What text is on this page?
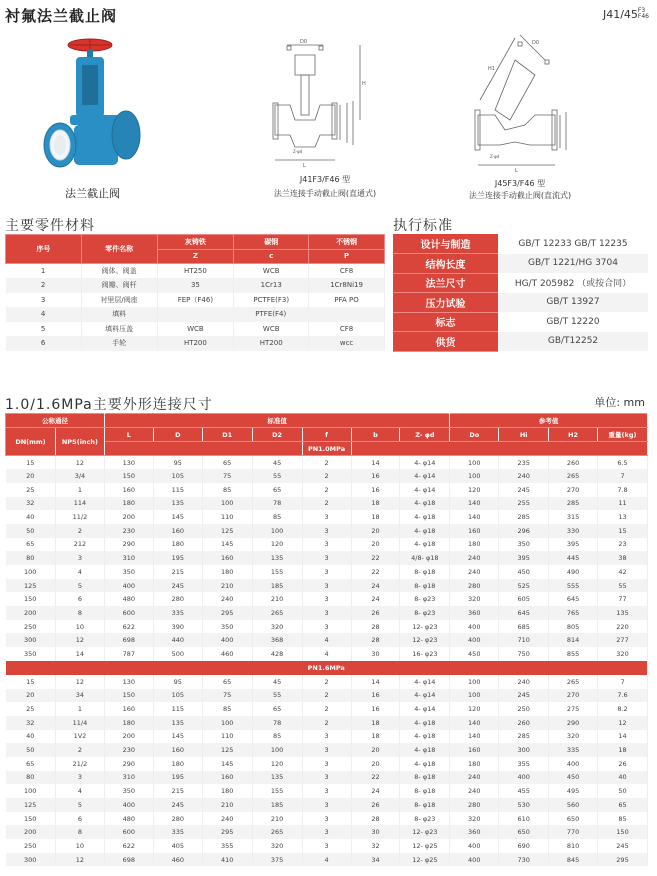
衬氟法兰截止阀	$J41/45^{F3 F46}$
法兰截止阀
D0
L
H
Z-φd
J41F3/F46 型
法兰连接手动截止阀(直通式)
D0
L
H1
Z-φd
J45F3/F46 型
法兰连接手动截止阀(直流式)
主要零件材料
序号	零件名称	灰铸铁	碳钢	不锈钢
		Z	c	P
1	阀体、阀盖	HT250	WCB	CF8
2	阀瓣、阀杆	35	1Cr13	1Cr8Ni19
3	衬里层/阀座	FEP（F46)	PCTFE(F3)	PFA PO
4	填料	PTFE(F4)		
5	填料压盖	WCB	WCB	CF8
6	手轮	HT200	HT200	wcc
执行标准
设计与制造	GB/T 12233 GB/T 12235
结构长度	GB/T 1221/HG 3704
法兰尺寸	HG/T 205982 （或按合同）
压力试验	GB/T 13927
标志	GB/T 12220
供货	GB/T12252
1.0/1.6MPa主要外形连接尺寸	单位: mm
公称通径		标准值							参考值			
DN(mm)	NPS(inch)	L	D	D1	D2	f	b	Z- φd	Do	Hi	H2	重量(kg)
						PN1.0MPa						
15	12	130	95	65	45	2	14	4- φ14	100	235	260	6.5
20	3/4	150	105	75	55	2	16	4- φ14	100	240	265	7
25	1	160	115	85	65	2	16	4- φ14	120	245	270	7.8
32	114	180	135	100	78	2	18	4- φ18	140	255	285	11
40	11/2	200	145	110	85	3	18	4- φ18	140	285	315	13
50	2	230	160	125	100	3	20	4- φ18	160	296	330	15
65	212	290	180	145	120	3	20	4- φ18	180	350	395	23
80	3	310	195	160	135	3	22	4/8- φ18	240	395	445	38
100	4	350	215	180	155	3	22	8- φ18	240	450	490	42
125	5	400	245	210	185	3	24	8- φ18	280	525	555	55
150	6	480	280	240	210	3	24	8- φ23	320	605	645	77
200	8	600	335	295	265	3	26	8- φ23	360	645	765	135
250	10	622	390	350	320	3	28	12- φ23	400	685	805	220
300	12	698	440	400	368	4	28	12- φ23	400	710	814	277
350	14	787	500	460	428	4	30	16- φ23	450	750	855	320
PN1.6MPa												
15	12	130	95	65	45	2	14	4- φ14	100	240	265	7
20	34	150	105	75	55	2	16	4- φ14	100	245	270	7.6
25	1	160	115	85	65	2	16	4- φ14	120	250	275	8.2
32	11/4	180	135	100	78	2	18	4- φ18	140	260	290	12
40	1V2	200	145	110	85	3	18	4- φ18	140	285	320	14
50	2	230	160	125	100	3	20	4- φ18	160	300	335	18
65	21/2	290	180	145	120	3	20	4- φ18	180	355	400	26
80	3	310	195	160	135	3	22	8- φ18	240	400	450	40
100	4	350	215	180	155	3	24	8- φ18	240	455	495	50
125	5	400	245	210	185	3	26	8- φ18	280	530	560	65
150	6	480	280	240	210	3	28	8- φ23	320	610	650	85
200	8	600	335	295	265	3	30	12- φ23	360	650	770	150
250	10	622	405	355	320	3	32	12- φ25	400	690	810	245
300	12	698	460	410	375	4	34	12- φ25	400	730	845	295
